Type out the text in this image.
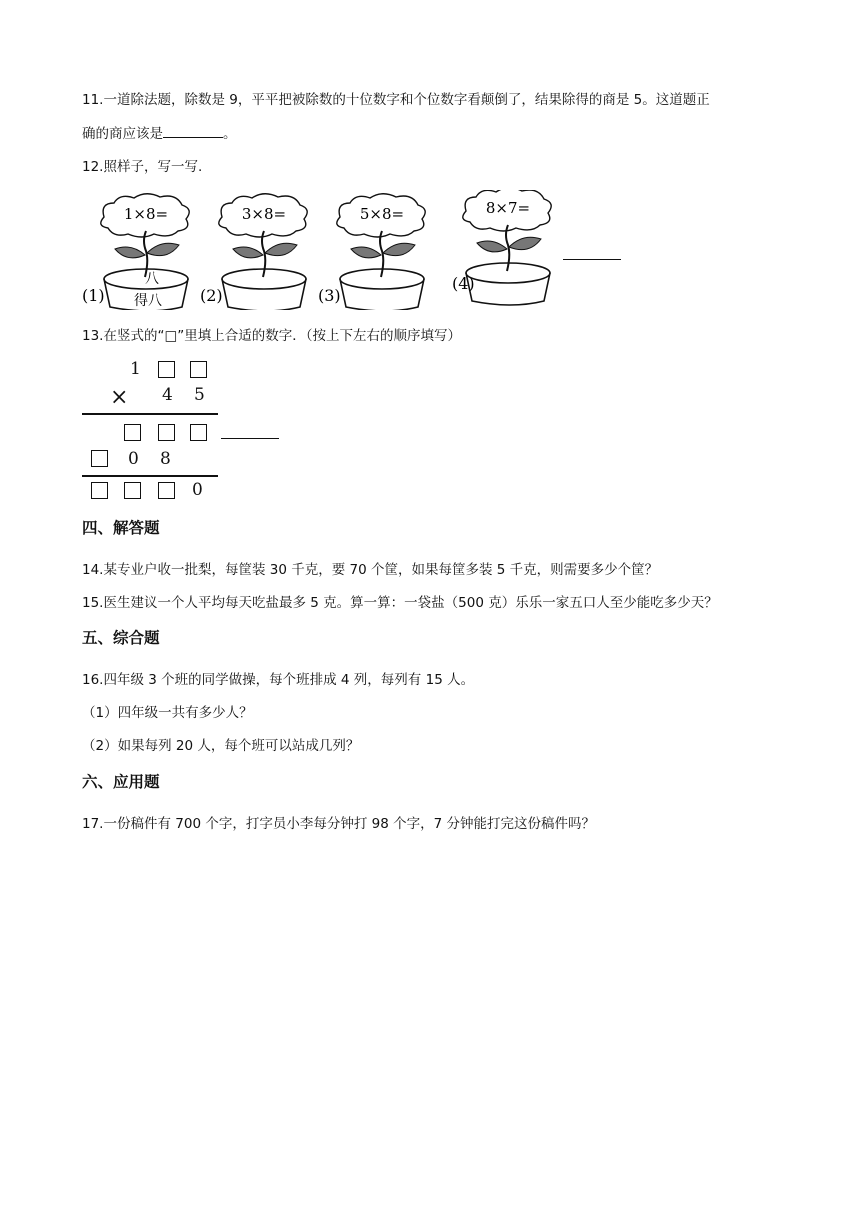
11.一道除法题，除数是 9，平平把被除数的十位数字和个位数字看颠倒了，结果除得的商是 5。这道题正
确的商应该是	。
12.照样子，写一写.
1×8=
(1)
八
得八
3×8=
(2)
5×8=
(3)
8×7=
(4)
13.在竖式的“□”里填上合适的数字．（按上下左右的顺序填写）
1
× 4 5
0 8
0
四、解答题
14.某专业户收一批梨，每筐装 30 千克，要 70 个筐，如果每筐多装 5 千克，则需要多少个筐？
15.医生建议一个人平均每天吃盐最多 5 克。算一算：一袋盐（500 克）乐乐一家五口人至少能吃多少天？
五、综合题
16.四年级 3 个班的同学做操，每个班排成 4 列，每列有 15 人。
（1）四年级一共有多少人？
（2）如果每列 20 人，每个班可以站成几列？
六、应用题
17.一份稿件有 700 个字，打字员小李每分钟打 98 个字，7 分钟能打完这份稿件吗？
